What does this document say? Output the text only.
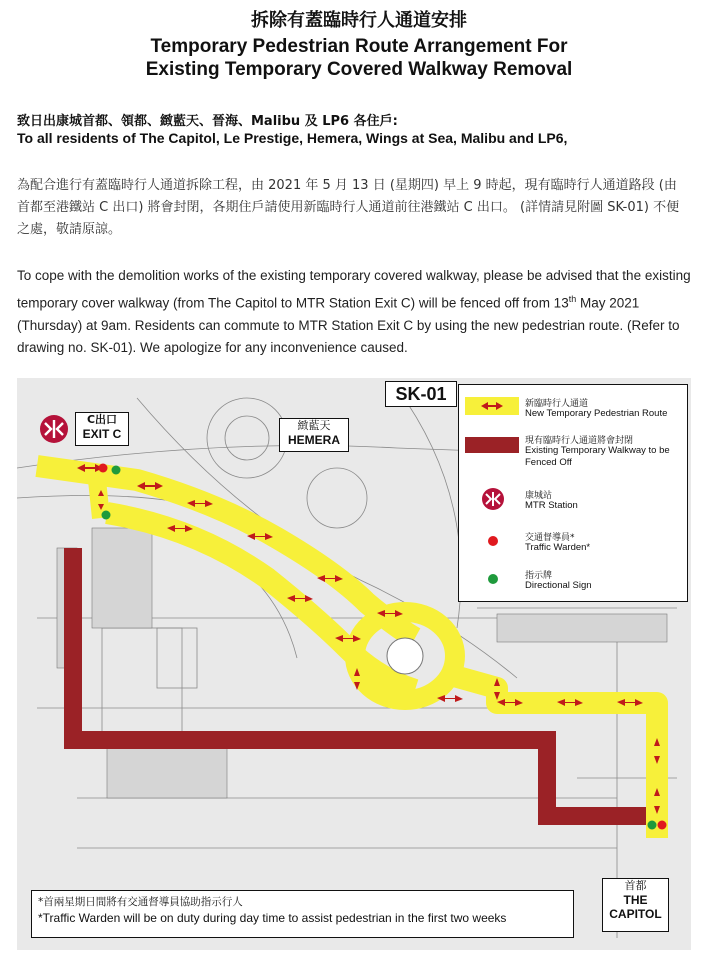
拆除有蓋臨時行人通道安排
Temporary Pedestrian Route Arrangement For
Existing Temporary Covered Walkway Removal
致日出康城首都、領都、緻藍天、晉海、Malibu 及 LP6 各住戶:
To all residents of The Capitol, Le Prestige, Hemera, Wings at Sea, Malibu and LP6,
為配合進行有蓋臨時行人通道拆除工程，由 2021 年 5 月 13 日 (星期四) 早上 9 時起，現有臨時行人通道路段 (由首都至港鐵站 C 出口) 將會封閉，各期住戶請使用新臨時行人通道前往港鐵站 C 出口。 (詳情請見附圖 SK-01) 不便之處，敬請原諒。
To cope with the demolition works of the existing temporary covered walkway, please be advised that the existing temporary cover walkway (from The Capitol to MTR Station Exit C) will be fenced off from 13th May 2021 (Thursday) at 9am. Residents can commute to MTR Station Exit C by using the new pedestrian route. (Refer to drawing no. SK-01). We apologize for any inconvenience caused.
C出口
EXIT C
緻藍天
HEMERA
首都
THE
CAPITOL
SK-01	新臨時行人通道
New Temporary Pedestrian Route
現有臨時行人通道將會封閉
Existing Temporary Walkway to be Fenced Off
康城站
MTR Station
交通督導員*
Traffic Warden*
指示牌
Directional Sign
*首兩星期日間將有交通督導員協助指示行人
*Traffic Warden will be on duty during day time to assist pedestrian in the first two weeks
